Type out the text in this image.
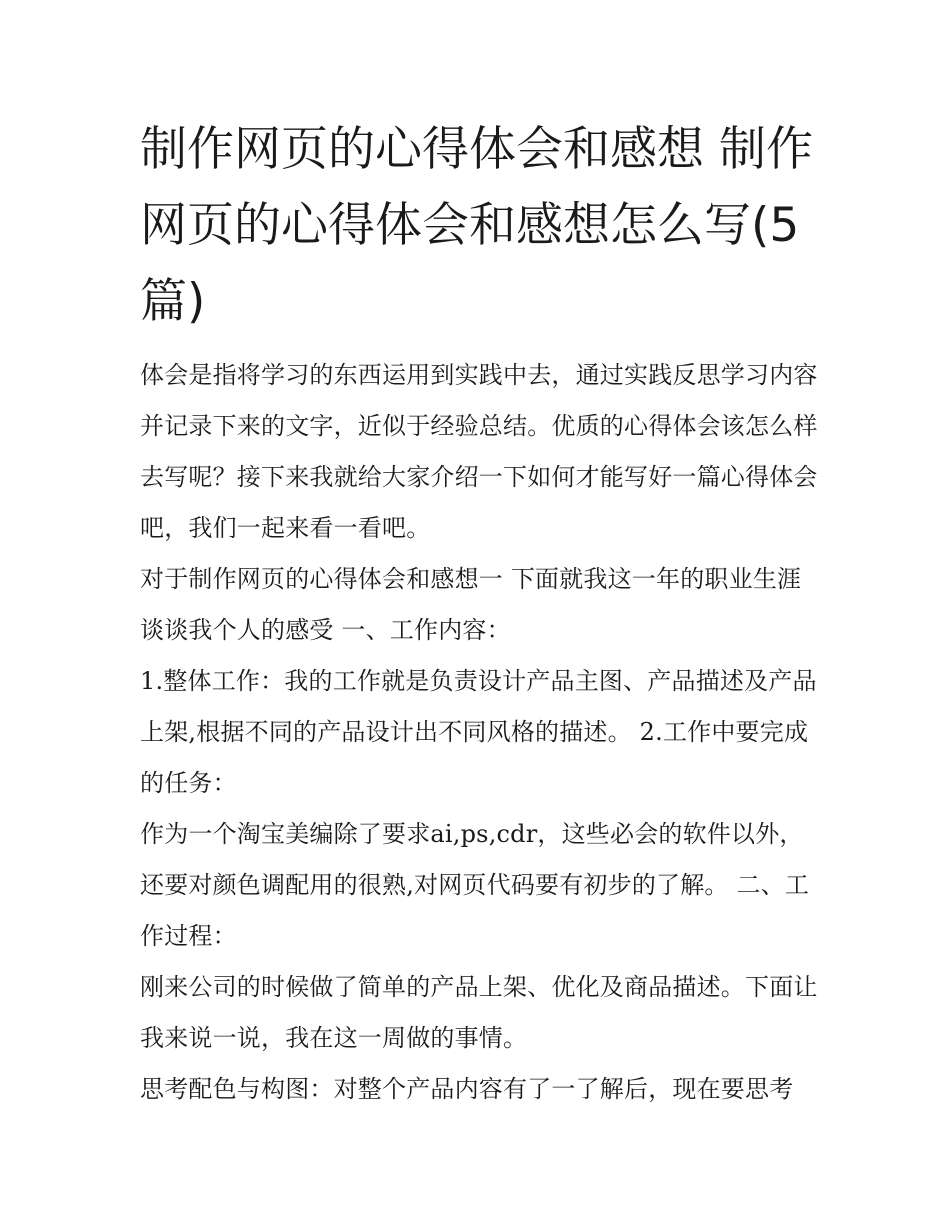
制作网页的心得体会和感想 制作网页的心得体会和感想怎么写(5篇)

体会是指将学习的东西运用到实践中去，通过实践反思学习内容并记录下来的文字，近似于经验总结。优质的心得体会该怎么样去写呢？接下来我就给大家介绍一下如何才能写好一篇心得体会吧，我们一起来看一看吧。

对于制作网页的心得体会和感想一 下面就我这一年的职业生涯谈谈我个人的感受 一、工作内容：

1.整体工作：我的工作就是负责设计产品主图、产品描述及产品上架,根据不同的产品设计出不同风格的描述。 2.工作中要完成的任务：

作为一个淘宝美编除了要求ai,ps,cdr，这些必会的软件以外，还要对颜色调配用的很熟,对网页代码要有初步的了解。 二、工作过程：

刚来公司的时候做了简单的产品上架、优化及商品描述。下面让我来说一说，我在这一周做的事情。

思考配色与构图：对整个产品内容有了一了解后，现在要思考
